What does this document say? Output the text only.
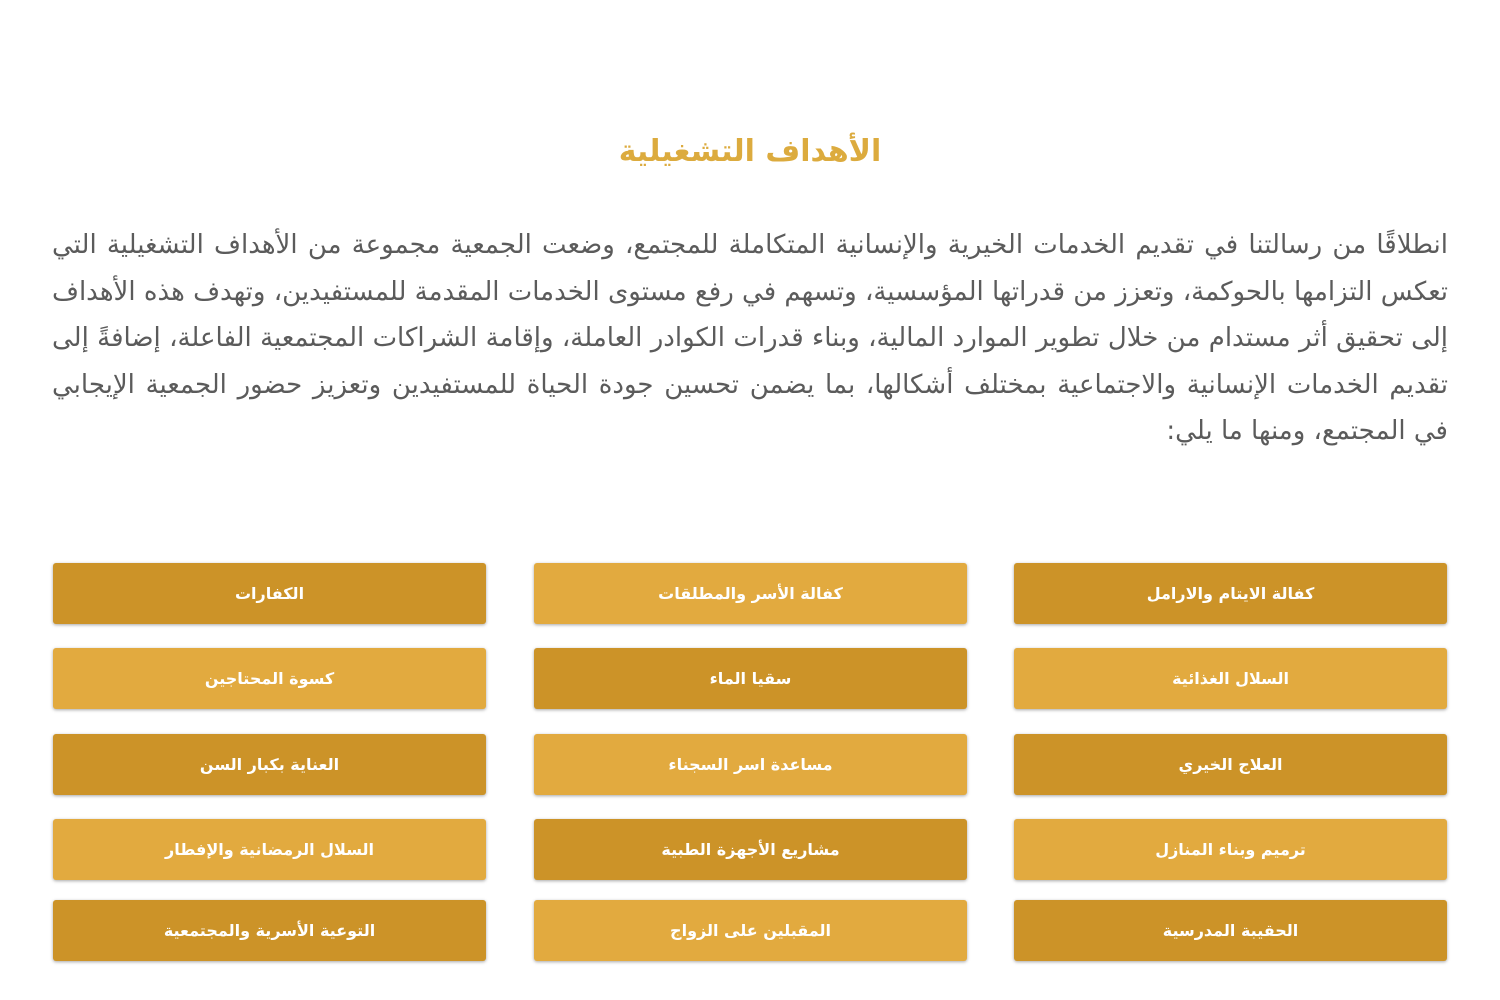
الأهداف التشغيلية

انطلاقًا من رسالتنا في تقديم الخدمات الخيرية والإنسانية المتكاملة للمجتمع، وضعت الجمعية مجموعة من الأهداف التشغيلية التي تعكس التزامها بالحوكمة، وتعزز من قدراتها المؤسسية، وتسهم في رفع مستوى الخدمات المقدمة للمستفيدين، وتهدف هذه الأهداف إلى تحقيق أثر مستدام من خلال تطوير الموارد المالية، وبناء قدرات الكوادر العاملة، وإقامة الشراكات المجتمعية الفاعلة، إضافةً إلى تقديم الخدمات الإنسانية والاجتماعية بمختلف أشكالها، بما يضمن تحسين جودة الحياة للمستفيدين وتعزيز حضور الجمعية الإيجابي في المجتمع، ومنها ما يلي:

كفالة الايتام والارامل
كفالة الأسر والمطلقات
الكفارات
السلال الغذائية
سقيا الماء
كسوة المحتاجين
العلاج الخيري
مساعدة اسر السجناء
العناية بكبار السن
ترميم وبناء المنازل
مشاريع الأجهزة الطبية
السلال الرمضانية والإفطار
الحقيبة المدرسية
المقبلين على الزواج
التوعية الأسرية والمجتمعية
